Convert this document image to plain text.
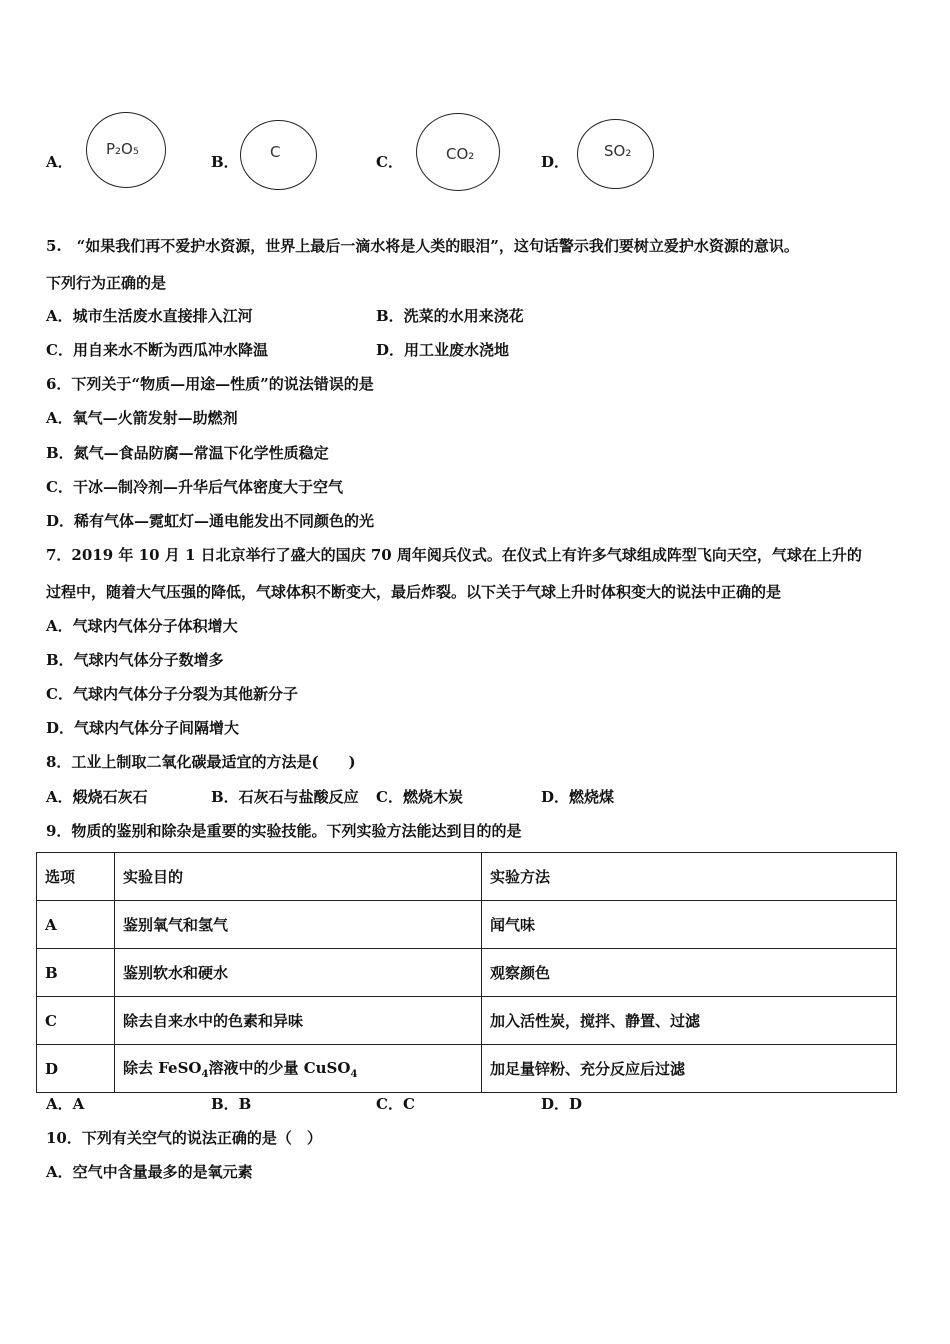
A．
P₂O₅
B．
C
C．	CO₂	D．
SO₂
5.　“如果我们再不爱护水资源，世界上最后一滴水将是人类的眼泪”，这句话警示我们要树立爱护水资源的意识。
下列行为正确的是
A．城市生活废水直接排入江河	B．洗菜的水用来浇花
C．用自来水不断为西瓜冲水降温	D．用工业废水浇地
6．下列关于“物质—用途—性质”的说法错误的是
A．氧气—火箭发射—助燃剂
B．氮气—食品防腐—常温下化学性质稳定
C．干冰—制冷剂—升华后气体密度大于空气
D．稀有气体—霓虹灯—通电能发出不同颜色的光
7．2019 年 10 月 1 日北京举行了盛大的国庆 70 周年阅兵仪式。在仪式上有许多气球组成阵型飞向天空，气球在上升的
过程中，随着大气压强的降低，气球体积不断变大，最后炸裂。以下关于气球上升时体积变大的说法中正确的是
A．气球内气体分子体积增大
B．气球内气体分子数增多
C．气球内气体分子分裂为其他新分子
D．气球内气体分子间隔增大
8．工业上制取二氧化碳最适宜的方法是(　　)
A．煅烧石灰石	B．石灰石与盐酸反应 C．燃烧木炭	D．燃烧煤
9．物质的鉴别和除杂是重要的实验技能。下列实验方法能达到目的的是
选项	实验目的	实验方法
A	鉴别氧气和氢气	闻气味
B	鉴别软水和硬水	观察颜色
C	除去自来水中的色素和异味	加入活性炭，搅拌、静置、过滤
D	除去 FeSO$_4$溶液中的少量 CuSO$_4$	加足量锌粉、充分反应后过滤
A．A	B．B	C．C	D．D
10．下列有关空气的说法正确的是（　）
A．空气中含量最多的是氧元素
